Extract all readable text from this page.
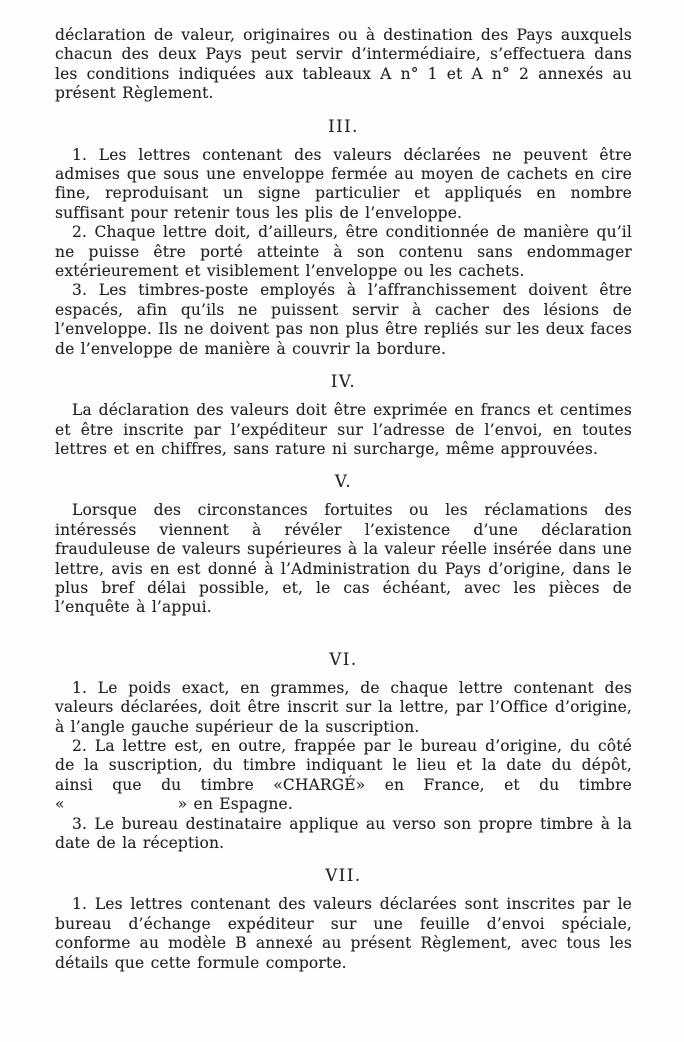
déclaration de valeur, originaires ou à destination des Pays auxquels chacun des deux Pays peut servir d’intermédiaire, s’effectuera dans les conditions indiquées aux tableaux A n° 1 et A n° 2 annexés au présent Règlement.

III.

1. Les lettres contenant des valeurs déclarées ne peuvent être admises que sous une enveloppe fermée au moyen de cachets en cire fine, reproduisant un signe particulier et appliqués en nombre suffisant pour retenir tous les plis de l’enveloppe.

2. Chaque lettre doit, d’ailleurs, être conditionnée de manière qu’il ne puisse être porté atteinte à son contenu sans endommager extérieurement et visiblement l’enveloppe ou les cachets.

3. Les timbres-poste employés à l’affranchissement doivent être espacés, afin qu’ils ne puissent servir à cacher des lésions de l’enveloppe. Ils ne doivent pas non plus être repliés sur les deux faces de l’enveloppe de manière à couvrir la bordure.

IV.

La déclaration des valeurs doit être exprimée en francs et centimes et être inscrite par l’expéditeur sur l’adresse de l’envoi, en toutes lettres et en chiffres, sans rature ni surcharge, même approuvées.

V.

Lorsque des circonstances fortuites ou les réclamations des intéressés viennent à révéler l’existence d’une déclaration frauduleuse de valeurs supérieures à la valeur réelle insérée dans une lettre, avis en est donné à l’Administration du Pays d’origine, dans le plus bref délai possible, et, le cas échéant, avec les pièces de l’enquête à l’appui.

VI.

1. Le poids exact, en grammes, de chaque lettre contenant des valeurs déclarées, doit être inscrit sur la lettre, par l’Office d’origine, à l’angle gauche supérieur de la suscription.

2. La lettre est, en outre, frappée par le bureau d’origine, du côté de la suscription, du timbre indiquant le lieu et la date du dépôt, ainsi que du timbre «CHARGÉ» en France, et du timbre «                  » en Espagne.

3. Le bureau destinataire applique au verso son propre timbre à la date de la réception.

VII.

1. Les lettres contenant des valeurs déclarées sont inscrites par le bureau d’échange expéditeur sur une feuille d’envoi spéciale, conforme au modèle B annexé au présent Règlement, avec tous les détails que cette formule comporte.
